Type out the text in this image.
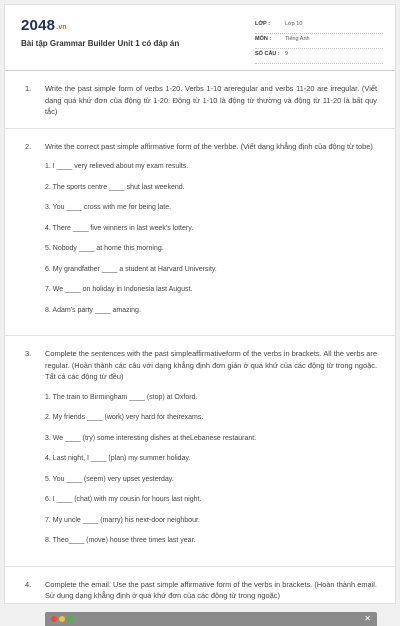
2048.vn
Bài tập Grammar Builder Unit 1 có đáp án
LỚP :	Lớp 10
MÔN :	Tiếng Anh
SỐ CÂU : 9
1. Write the past simple form of verbs 1-20. Verbs 1-10 areregular and verbs 11-20 are irregular. (Viết dạng quá khứ đơn của động từ 1-20. Động từ 1-10 là động từ thường và động từ 11-20 là bất quy tắc)
2. Write the correct past simple affirmative form of the verbbe. (Viết dạng khẳng định của động từ tobe)
1. I ____ very relieved about my exam results.
2. The sports centre ____ shut last weekend.
3. You ____ cross with me for being late.
4. There ____ five winners in last week's lottery.
5. Nobody ____ at home this morning.
6. My grandfather ____ a student at Harvard University.
7. We ____ on holiday in Indonesia last August.
8. Adam's party ____ amazing.
3. Complete the sentences with the past simpleaffirmativeform of the verbs in brackets. All the verbs are regular. (Hoàn thành các câu với dạng khẳng định đơn giản ở quá khứ của các động từ trong ngoặc. Tất cả các động từ đều)
1. The train to Birmingham ____ (stop) at Oxford.
2. My friends ____ (work) very hard for theirexams.
3. We ____ (try) some interesting dishes at theLebanese restaurant.
4. Last night, I ____ (plan) my summer holiday.
5. You ____ (seem) very upset yesterday.
6. I ____ (chat) with my cousin for hours last night.
7. My uncle ____ (marry) his next-door neighbour.
8. Theo____ (move) house three times last year.
4. Complete the email. Use the past simple affirmative form of the verbs in brackets. (Hoàn thành email. Sử dụng dạng khẳng định ở quá khứ đơn của các động từ trong ngoặc)
✕
